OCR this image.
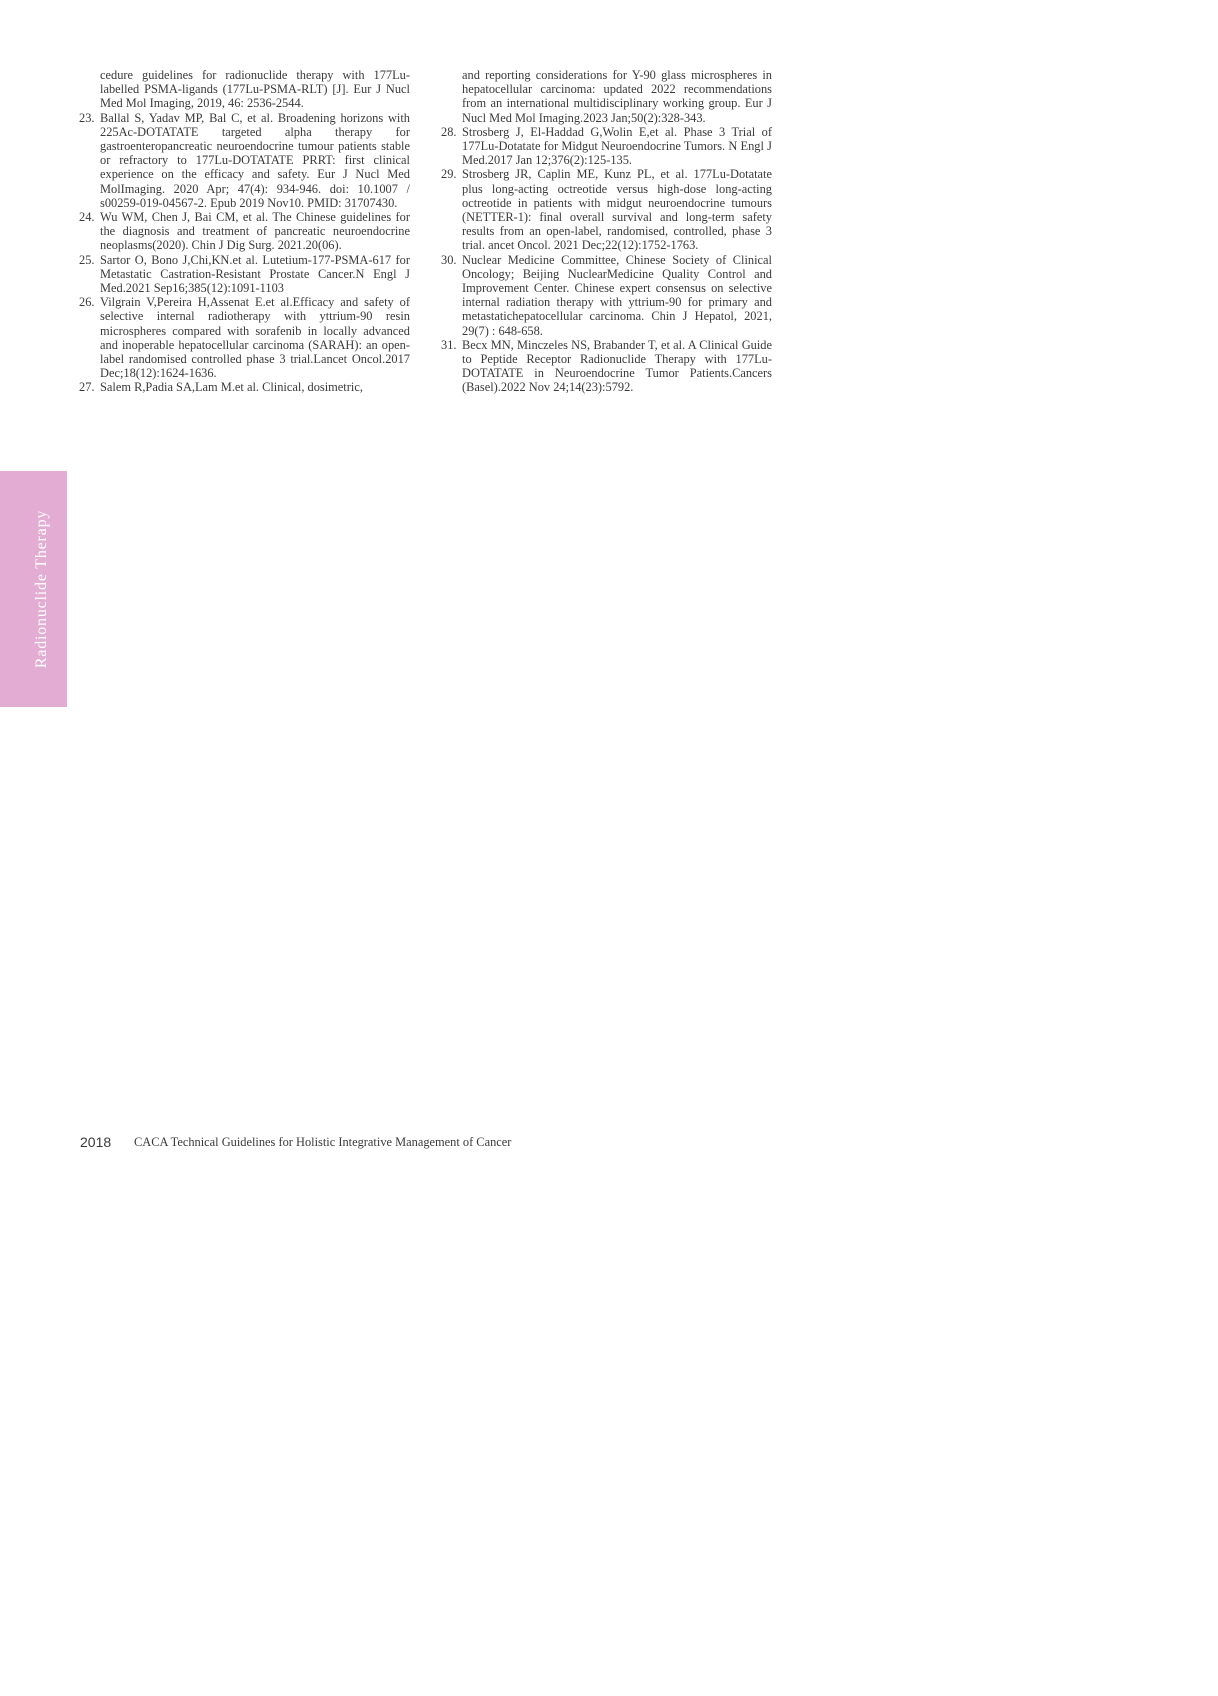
cedure guidelines for radionuclide therapy with 177Lu-labelled PSMA-ligands (177Lu-PSMA-RLT) [J]. Eur J Nucl Med Mol Imaging, 2019, 46: 2536-2544.
23. Ballal S, Yadav MP, Bal C, et al. Broadening horizons with 225Ac-DOTATATE targeted alpha therapy for gastroenteropancreatic neuroendocrine tumour patients stable or refractory to 177Lu-DOTATATE PRRT: first clinical experience on the efficacy and safety. Eur J Nucl Med MolImaging. 2020 Apr; 47(4): 934-946. doi: 10.1007 / s00259-019-04567-2. Epub 2019 Nov10. PMID: 31707430.
24. Wu WM, Chen J, Bai CM, et al. The Chinese guidelines for the diagnosis and treatment of pancreatic neuroendocrine neoplasms(2020). Chin J Dig Surg. 2021.20(06).
25. Sartor O, Bono J,Chi,KN.et al. Lutetium-177-PSMA-617 for Metastatic Castration-Resistant Prostate Cancer.N Engl J Med.2021 Sep16;385(12):1091-1103
26. Vilgrain V,Pereira H,Assenat E.et al.Efficacy and safety of selective internal radiotherapy with yttrium-90 resin microspheres compared with sorafenib in locally advanced and inoperable hepatocellular carcinoma (SARAH): an open-label randomised controlled phase 3 trial.Lancet Oncol.2017 Dec;18(12):1624-1636.
27. Salem R,Padia SA,Lam M.et al. Clinical, dosimetric,
and reporting considerations for Y-90 glass microspheres in hepatocellular carcinoma: updated 2022 recommendations from an international multidisciplinary working group. Eur J Nucl Med Mol Imaging.2023 Jan;50(2):328-343.
28. Strosberg J, El-Haddad G,Wolin E,et al. Phase 3 Trial of 177Lu-Dotatate for Midgut Neuroendocrine Tumors. N Engl J Med.2017 Jan 12;376(2):125-135.
29. Strosberg JR, Caplin ME, Kunz PL, et al. 177Lu-Dotatate plus long-acting octreotide versus high-dose long-acting octreotide in patients with midgut neuroendocrine tumours (NETTER-1): final overall survival and long-term safety results from an open-label, randomised, controlled, phase 3 trial. ancet Oncol. 2021 Dec;22(12):1752-1763.
30. Nuclear Medicine Committee, Chinese Society of Clinical Oncology; Beijing NuclearMedicine Quality Control and Improvement Center. Chinese expert consensus on selective internal radiation therapy with yttrium-90 for primary and metastatichepatocellular carcinoma. Chin J Hepatol, 2021, 29(7) : 648-658.
31. Becx MN, Minczeles NS, Brabander T, et al. A Clinical Guide to Peptide Receptor Radionuclide Therapy with 177Lu-DOTATATE in Neuroendocrine Tumor Patients.Cancers (Basel).2022 Nov 24;14(23):5792.
Radionuclide Therapy
2018 CACA Technical Guidelines for Holistic Integrative Management of Cancer
